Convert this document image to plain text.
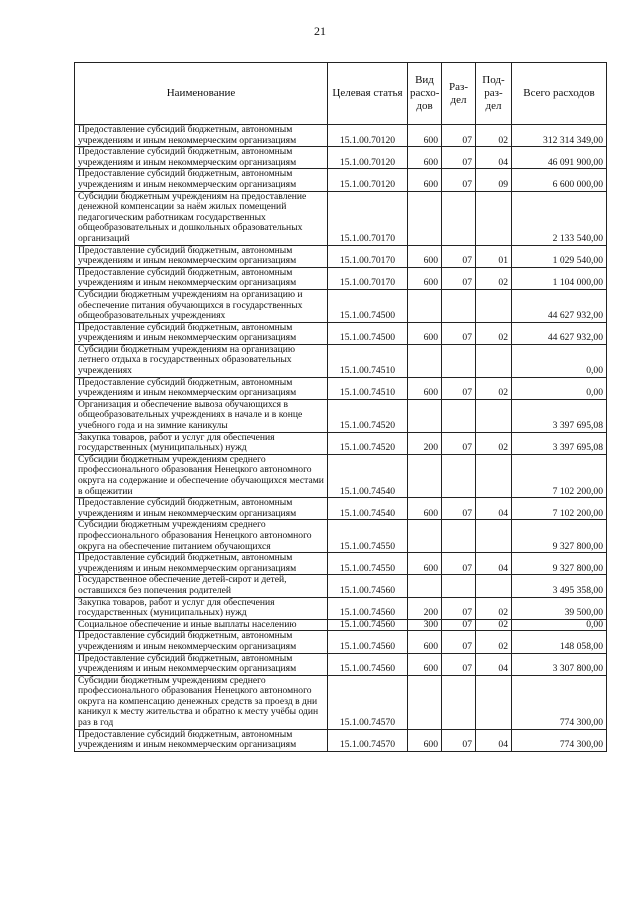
21
Наименование	Целевая статья	Вид расхо-дов	Раз-дел	Под-раз-дел	Всего расходов
Предоставление субсидий бюджетным, автономным учреждениям и иным некоммерческим организациям	15.1.00.70120	600	07	02	312 314 349,00
Предоставление субсидий бюджетным, автономным учреждениям и иным некоммерческим организациям	15.1.00.70120	600	07	04	46 091 900,00
Предоставление субсидий бюджетным, автономным учреждениям и иным некоммерческим организациям	15.1.00.70120	600	07	09	6 600 000,00
Субсидии бюджетным учреждениям на предоставление денежной компенсации за наём жилых помещений педагогическим работникам государственных общеобразовательных и дошкольных образовательных организаций	15.1.00.70170				2 133 540,00
Предоставление субсидий бюджетным, автономным учреждениям и иным некоммерческим организациям	15.1.00.70170	600	07	01	1 029 540,00
Предоставление субсидий бюджетным, автономным учреждениям и иным некоммерческим организациям	15.1.00.70170	600	07	02	1 104 000,00
Субсидии бюджетным учреждениям на организацию и обеспечение питания обучающихся в государственных общеобразовательных учреждениях	15.1.00.74500				44 627 932,00
Предоставление субсидий бюджетным, автономным учреждениям и иным некоммерческим организациям	15.1.00.74500	600	07	02	44 627 932,00
Субсидии бюджетным учреждениям на организацию летнего отдыха в государственных образовательных учреждениях	15.1.00.74510				0,00
Предоставление субсидий бюджетным, автономным учреждениям и иным некоммерческим организациям	15.1.00.74510	600	07	02	0,00
Организация и обеспечение вывоза обучающихся в общеобразовательных учреждениях в начале и в конце учебного года и на зимние каникулы	15.1.00.74520				3 397 695,08
Закупка товаров, работ и услуг для обеспечения государственных (муниципальных) нужд	15.1.00.74520	200	07	02	3 397 695,08
Субсидии бюджетным учреждениям среднего профессионального образования Ненецкого автономного округа на содержание и обеспечение обучающихся местами в общежитии	15.1.00.74540				7 102 200,00
Предоставление субсидий бюджетным, автономным учреждениям и иным некоммерческим организациям	15.1.00.74540	600	07	04	7 102 200,00
Субсидии бюджетным учреждениям среднего профессионального образования Ненецкого автономного округа на обеспечение питанием обучающихся	15.1.00.74550				9 327 800,00
Предоставление субсидий бюджетным, автономным учреждениям и иным некоммерческим организациям	15.1.00.74550	600	07	04	9 327 800,00
Государственное обеспечение детей-сирот и детей, оставшихся без попечения родителей	15.1.00.74560				3 495 358,00
Закупка товаров, работ и услуг для обеспечения государственных (муниципальных) нужд	15.1.00.74560	200	07	02	39 500,00
Социальное обеспечение и иные выплаты населению	15.1.00.74560	300	07	02	0,00
Предоставление субсидий бюджетным, автономным учреждениям и иным некоммерческим организациям	15.1.00.74560	600	07	02	148 058,00
Предоставление субсидий бюджетным, автономным учреждениям и иным некоммерческим организациям	15.1.00.74560	600	07	04	3 307 800,00
Субсидии бюджетным учреждениям среднего профессионального образования Ненецкого автономного округа на компенсацию денежных средств за проезд в дни каникул к месту жительства и обратно к месту учёбы один раз в год	15.1.00.74570				774 300,00
Предоставление субсидий бюджетным, автономным учреждениям и иным некоммерческим организациям	15.1.00.74570	600	07	04	774 300,00
